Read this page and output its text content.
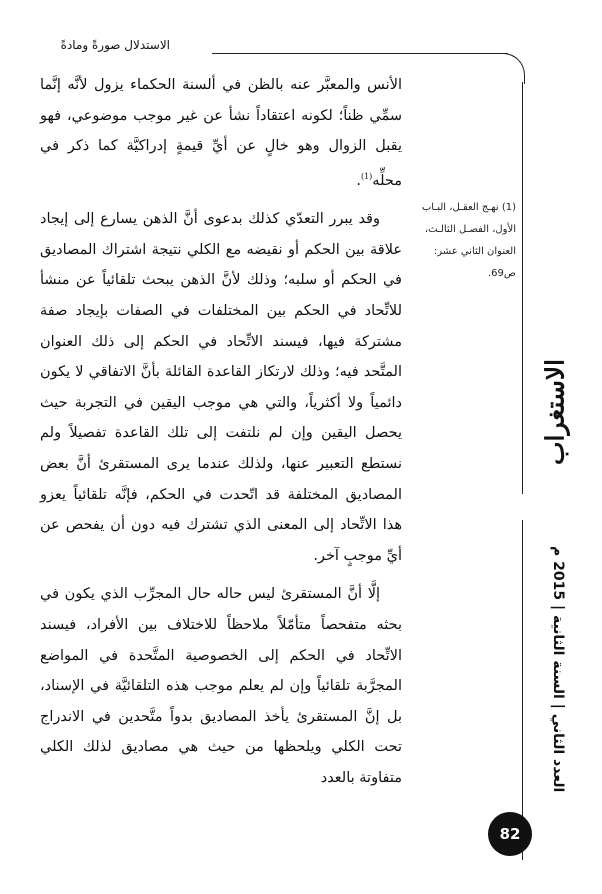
الاستدلال صورةً ومادةً

الأنس والمعبَّر عنه بالظن في ألسنة الحكماء يزول لأنَّه إنَّما سمِّي ظناً؛ لكونه اعتقاداً نشأ عن غير موجب موضوعي، فهو يقبل الزوال وهو خالٍ عن أيِّ قيمةٍ إدراكيَّة كما ذكر في محلِّه$^{(1)}$.

وقد يبرر التعدّي كذلك بدعوى أنَّ الذهن يسارع إلى إيجاد علاقة بين الحكم أو نقيضه مع الكلي نتيجة اشتراك المصاديق في الحكم أو سلبه؛ وذلك لأنَّ الذهن يبحث تلقائياً عن منشأ للاتِّحاد في الحكم بين المختلفات في الصفات بإيجاد صفة مشتركة فيها، فيسند الاتِّحاد في الحكم إلى ذلك العنوان المتَّحد فيه؛ وذلك لارتكاز القاعدة القائلة بأنَّ الاتفاقي لا يكون دائمياً ولا أكثرياً، والتي هي موجب اليقين في التجربة حيث يحصل اليقين وإن لم نلتفت إلى تلك القاعدة تفصيلاً ولم نستطع التعبير عنها، ولذلك عندما يرى المستقرئ أنَّ بعض المصاديق المختلفة قد اتّحدت في الحكم، فإنَّه تلقائياً يعزو هذا الاتِّحاد إلى المعنى الذي تشترك فيه دون أن يفحص عن أيِّ موجبٍ آخر.

إلَّا أنَّ المستقرئ ليس حاله حال المجرِّب الذي يكون في بحثه متفحصاً متأمّلاً ملاحظاً للاختلاف بين الأفراد، فيسند الاتِّحاد في الحكم إلى الخصوصية المتَّحدة في المواضع المجرَّبة تلقائياً وإن لم يعلم موجب هذه التلقائيَّة في الإسناد، بل إنَّ المستقرئ يأخذ المصاديق بدواً متَّحدين في الاندراج تحت الكلي ويلحظها من حيث هي مصاديق لذلك الكلي متفاوتة بالعدد

(1) نهـج العقـل، البـاب الأول، الفصـل الثالـث، العنوان الثاني عشر: ص69.
الاستغراب
العدد الثاني | السنة الثانية | 2015 م
82
